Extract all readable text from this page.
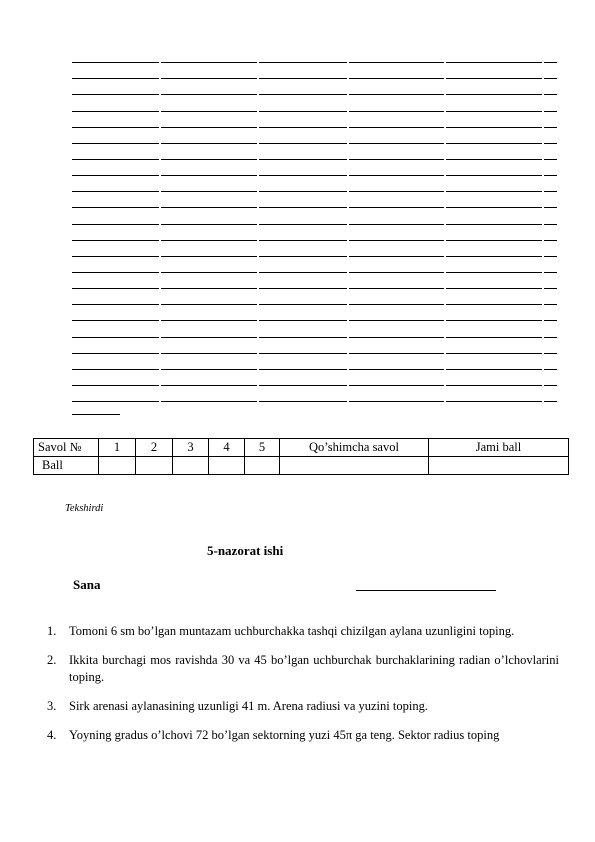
Savol №	1	2	3	4	5	Qo’shimcha savol	Jami ball
Ball							
Tekshirdi
5-nazorat ishi
Sana
1.	Tomoni 6 sm bo’lgan muntazam uchburchakka tashqi chizilgan aylana uzunligini toping.
2.	Ikkita burchagi mos ravishda 30 va 45 bo’lgan uchburchak burchaklarining radian o’lchovlarini toping.
3.	Sirk arenasi aylanasining uzunligi 41 m. Arena radiusi va yuzini toping.
4.	Yoyning gradus o’lchovi 72 bo’lgan sektorning yuzi 45π ga teng. Sektor radius toping
